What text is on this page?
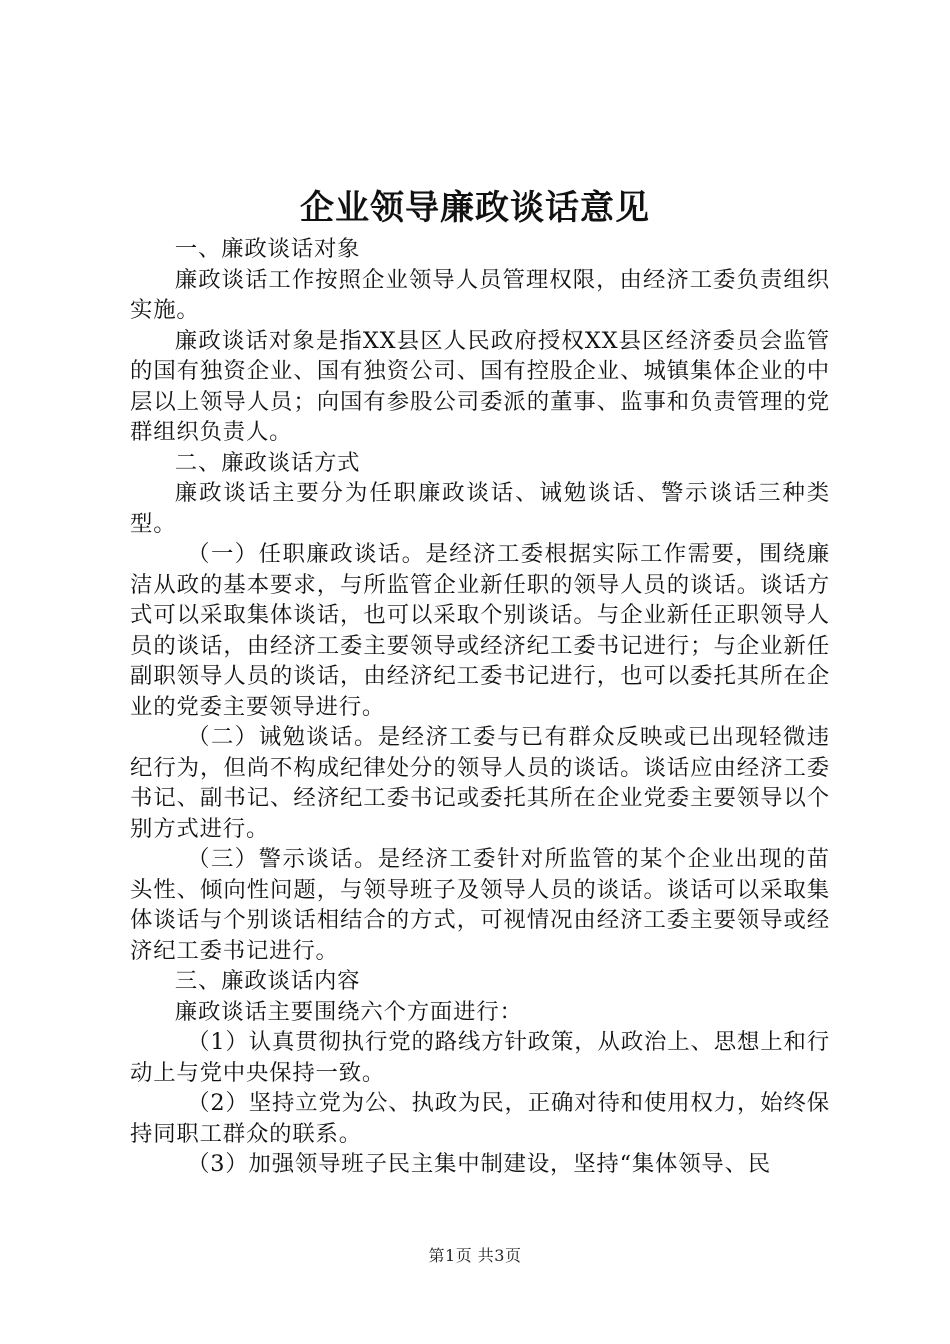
企业领导廉政谈话意见

一、廉政谈话对象

廉政谈话工作按照企业领导人员管理权限，由经济工委负责组织实施。

廉政谈话对象是指XX县区人民政府授权XX县区经济委员会监管的国有独资企业、国有独资公司、国有控股企业、城镇集体企业的中层以上领导人员；向国有参股公司委派的董事、监事和负责管理的党群组织负责人。

二、廉政谈话方式

廉政谈话主要分为任职廉政谈话、诫勉谈话、警示谈话三种类型。

（一）任职廉政谈话。是经济工委根据实际工作需要，围绕廉洁从政的基本要求，与所监管企业新任职的领导人员的谈话。谈话方式可以采取集体谈话，也可以采取个别谈话。与企业新任正职领导人员的谈话，由经济工委主要领导或经济纪工委书记进行；与企业新任副职领导人员的谈话，由经济纪工委书记进行，也可以委托其所在企业的党委主要领导进行。

（二）诫勉谈话。是经济工委与已有群众反映或已出现轻微违纪行为，但尚不构成纪律处分的领导人员的谈话。谈话应由经济工委书记、副书记、经济纪工委书记或委托其所在企业党委主要领导以个别方式进行。

（三）警示谈话。是经济工委针对所监管的某个企业出现的苗头性、倾向性问题，与领导班子及领导人员的谈话。谈话可以采取集体谈话与个别谈话相结合的方式，可视情况由经济工委主要领导或经济纪工委书记进行。

三、廉政谈话内容

廉政谈话主要围绕六个方面进行：

（1）认真贯彻执行党的路线方针政策，从政治上、思想上和行动上与党中央保持一致。

（2）坚持立党为公、执政为民，正确对待和使用权力，始终保持同职工群众的联系。

（3）加强领导班子民主集中制建设，坚持“集体领导、民

第1页 共3页
